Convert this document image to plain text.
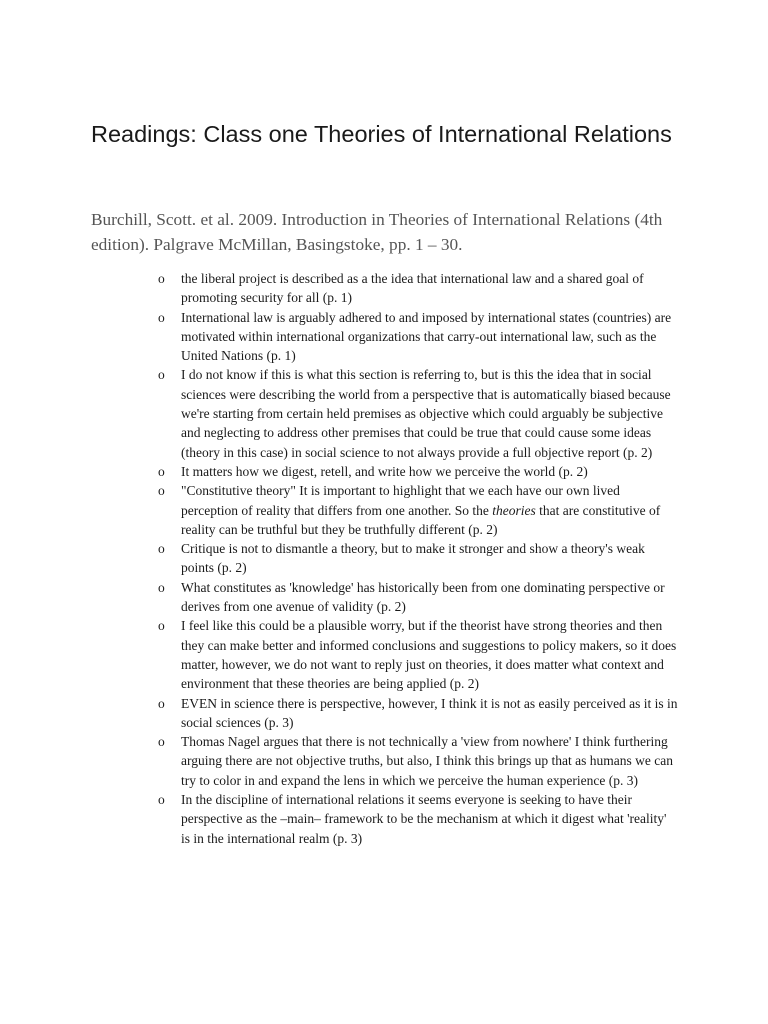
Readings: Class one Theories of International Relations

Burchill, Scott. et al. 2009. Introduction in Theories of International Relations (4th edition). Palgrave McMillan, Basingstoke, pp. 1 – 30.

o the liberal project is described as a the idea that international law and a shared goal of promoting security for all (p. 1)
o International law is arguably adhered to and imposed by international states (countries) are motivated within international organizations that carry-out international law, such as the United Nations (p. 1)
o I do not know if this is what this section is referring to, but is this the idea that in social sciences were describing the world from a perspective that is automatically biased because we're starting from certain held premises as objective which could arguably be subjective and neglecting to address other premises that could be true that could cause some ideas (theory in this case) in social science to not always provide a full objective report (p. 2)
o It matters how we digest, retell, and write how we perceive the world (p. 2)
o "Constitutive theory" It is important to highlight that we each have our own lived perception of reality that differs from one another. So the theories that are constitutive of reality can be truthful but they be truthfully different (p. 2)
o Critique is not to dismantle a theory, but to make it stronger and show a theory's weak points (p. 2)
o What constitutes as 'knowledge' has historically been from one dominating perspective or derives from one avenue of validity (p. 2)
o I feel like this could be a plausible worry, but if the theorist have strong theories and then they can make better and informed conclusions and suggestions to policy makers, so it does matter, however, we do not want to reply just on theories, it does matter what context and environment that these theories are being applied (p. 2)
o EVEN in science there is perspective, however, I think it is not as easily perceived as it is in social sciences (p. 3)
o Thomas Nagel argues that there is not technically a 'view from nowhere' I think furthering arguing there are not objective truths, but also, I think this brings up that as humans we can try to color in and expand the lens in which we perceive the human experience (p. 3)
o In the discipline of international relations it seems everyone is seeking to have their perspective as the –main– framework to be the mechanism at which it digest what 'reality' is in the international realm (p. 3)
